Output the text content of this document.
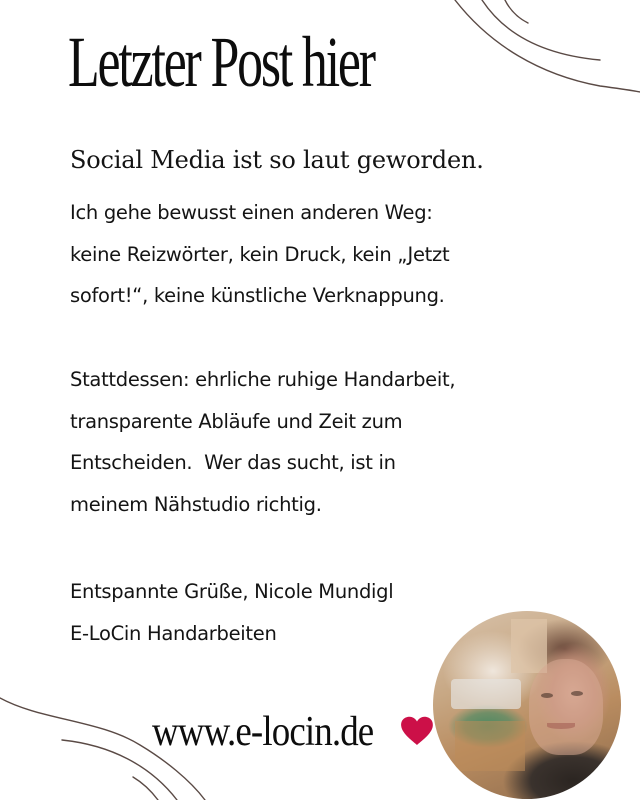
Letzter Post hier
Social Media ist so laut geworden.
Ich gehe bewusst einen anderen Weg:
keine Reizwörter, kein Druck, kein „Jetzt
sofort!“, keine künstliche Verknappung.
Stattdessen: ehrliche ruhige Handarbeit,
transparente Abläufe und Zeit zum
Entscheiden.  Wer das sucht, ist in
meinem Nähstudio richtig.
Entspannte Grüße, Nicole Mundigl
E-LoCin Handarbeiten
www.e-locin.de
